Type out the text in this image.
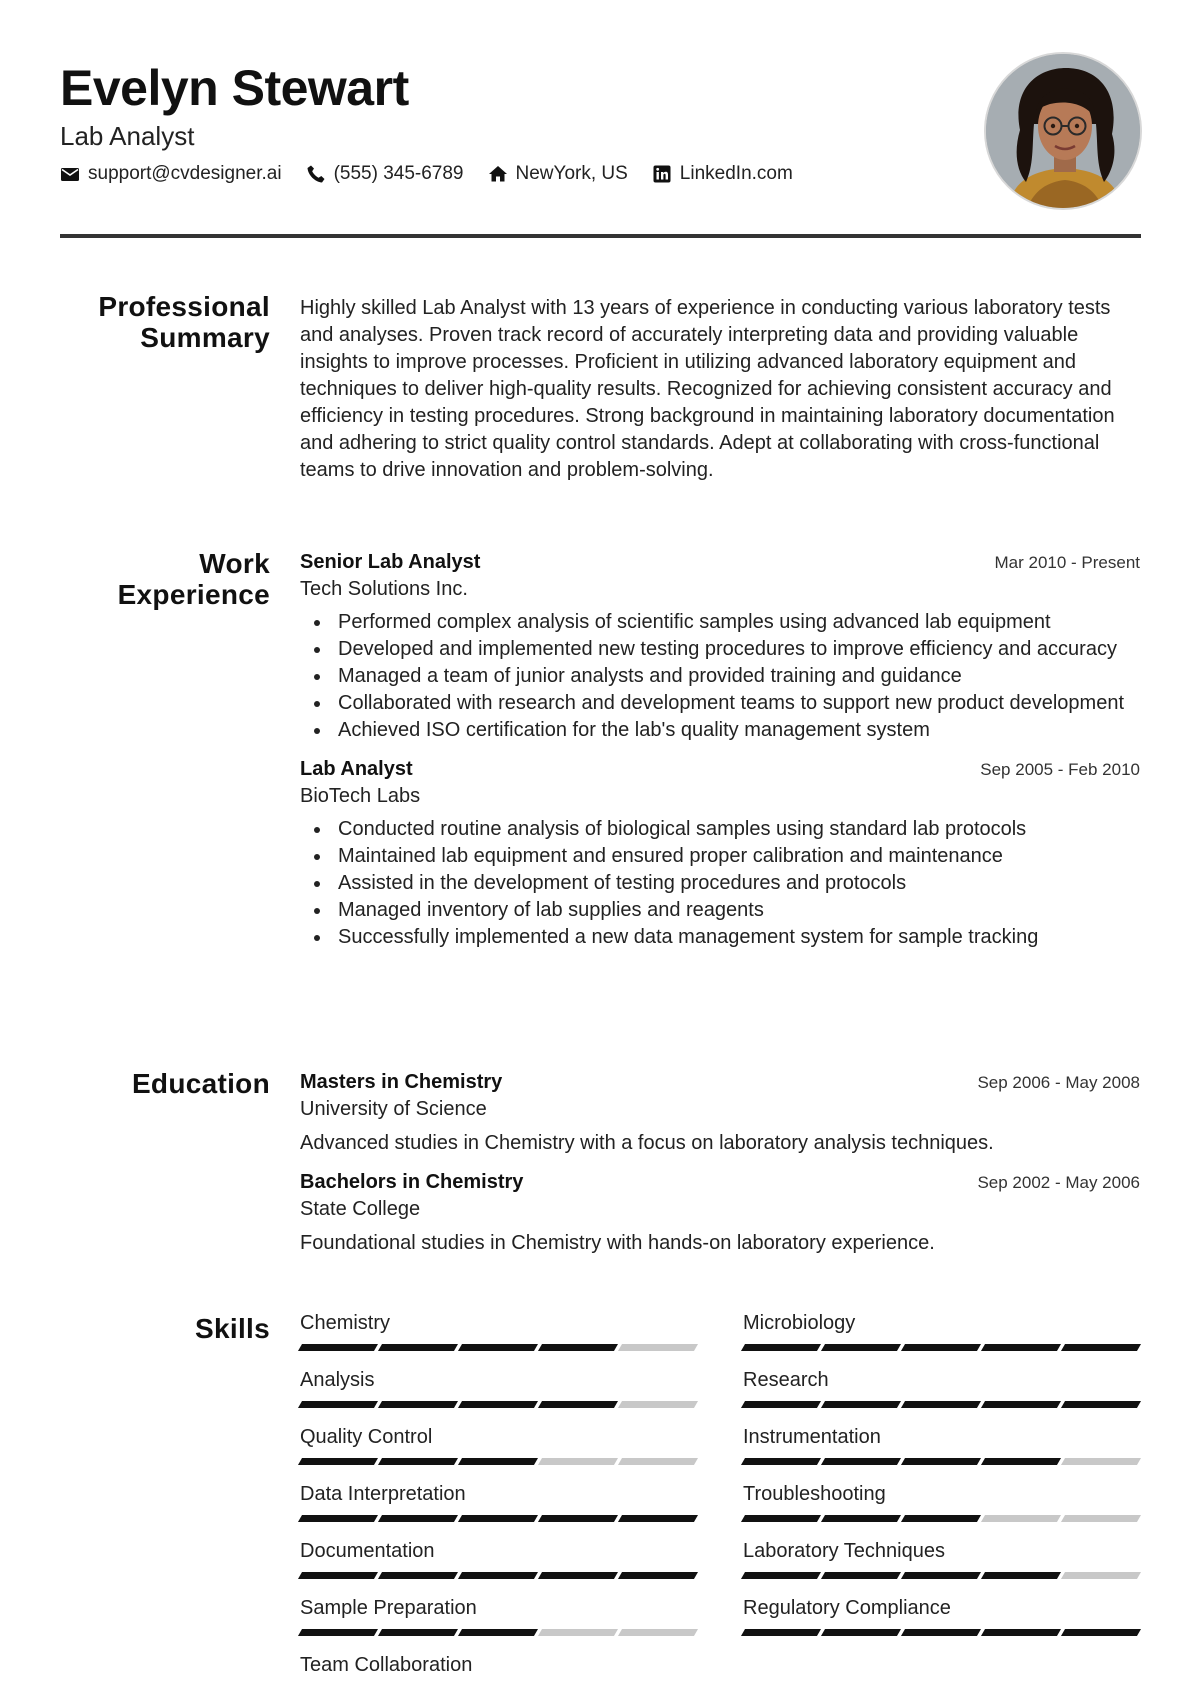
Evelyn Stewart
Lab Analyst
support@cvdesigner.ai	(555) 345-6789	NewYork, US	LinkedIn.com
Professional
Summary
Highly skilled Lab Analyst with 13 years of experience in conducting various laboratory tests and analyses. Proven track record of accurately interpreting data and providing valuable insights to improve processes. Proficient in utilizing advanced laboratory equipment and techniques to deliver high-quality results. Recognized for achieving consistent accuracy and efficiency in testing procedures. Strong background in maintaining laboratory documentation and adhering to strict quality control standards. Adept at collaborating with cross-functional teams to drive innovation and problem-solving.
Work
Experience
Senior Lab Analyst	Mar 2010 - Present
Tech Solutions Inc.
Performed complex analysis of scientific samples using advanced lab equipment
Developed and implemented new testing procedures to improve efficiency and accuracy
Managed a team of junior analysts and provided training and guidance
Collaborated with research and development teams to support new product development
Achieved ISO certification for the lab's quality management system
Lab Analyst	Sep 2005 - Feb 2010
BioTech Labs
Conducted routine analysis of biological samples using standard lab protocols
Maintained lab equipment and ensured proper calibration and maintenance
Assisted in the development of testing procedures and protocols
Managed inventory of lab supplies and reagents
Successfully implemented a new data management system for sample tracking
Education Masters in Chemistry	Sep 2006 - May 2008
University of Science
Advanced studies in Chemistry with a focus on laboratory analysis techniques.
Bachelors in Chemistry	Sep 2002 - May 2006
State College
Foundational studies in Chemistry with hands-on laboratory experience.
Skills Chemistry	Microbiology
Analysis	Research
Quality Control	Instrumentation
Data Interpretation	Troubleshooting
Documentation	Laboratory Techniques
Sample Preparation	Regulatory Compliance
Team Collaboration
